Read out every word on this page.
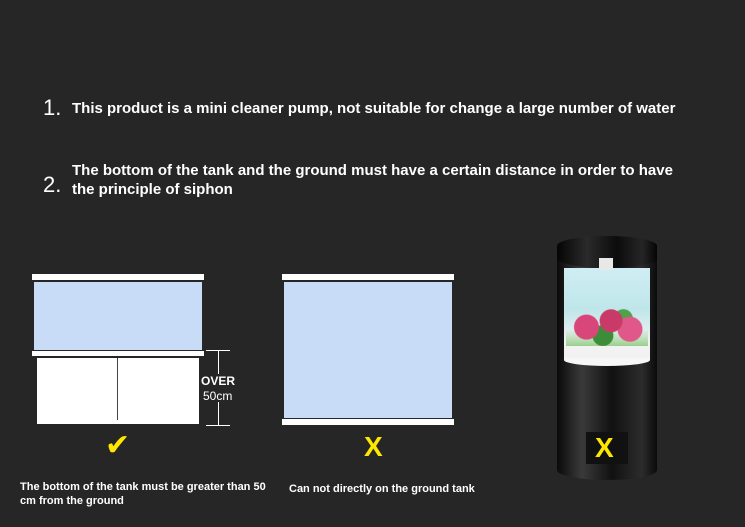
1. This product is a mini cleaner pump, not suitable for change a large number of water
2.
The bottom of the tank and the ground must have a certain distance in order to have the principle of siphon
OVER
50cm
✔
The bottom of the tank must be greater than 50 cm from the ground
X
Can not directly on the ground tank
X
